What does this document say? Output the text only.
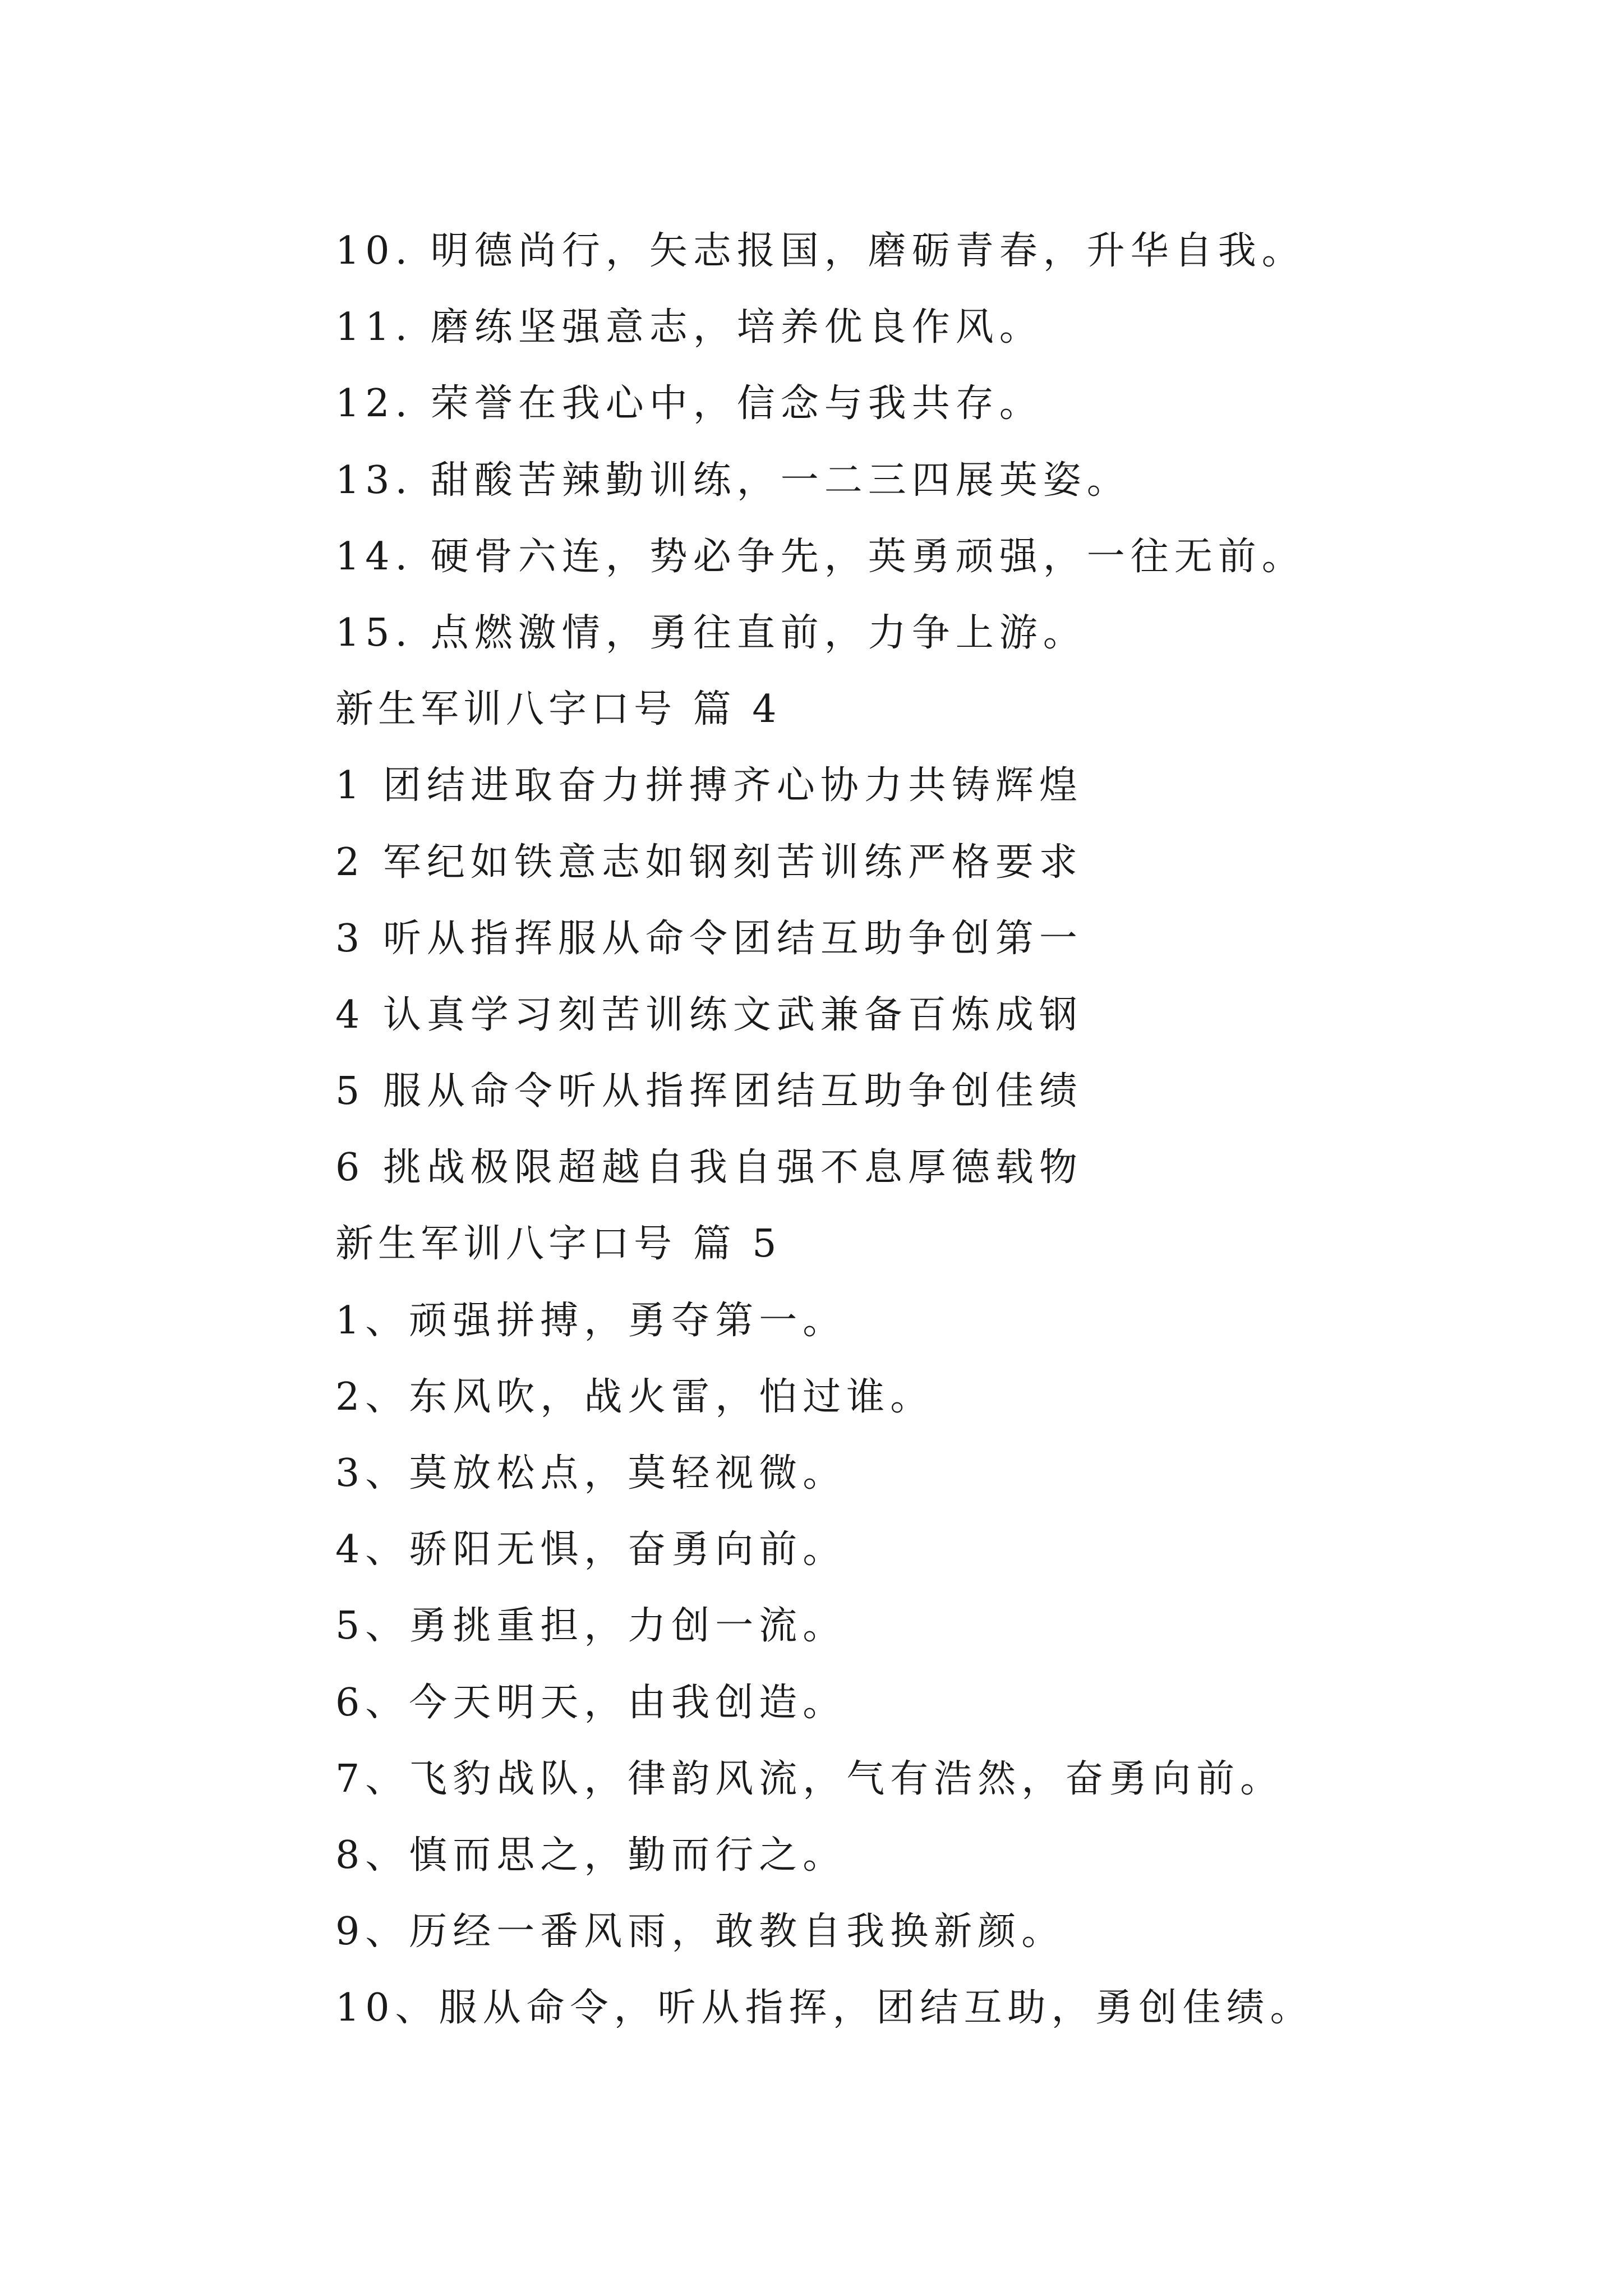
10. 明德尚行，矢志报国，磨砺青春，升华自我。
11. 磨练坚强意志，培养优良作风。
12. 荣誉在我心中，信念与我共存。
13. 甜酸苦辣勤训练，一二三四展英姿。
14. 硬骨六连，势必争先，英勇顽强，一往无前。
15. 点燃激情，勇往直前，力争上游。
新生军训八字口号 篇 4
1 团结进取奋力拼搏齐心协力共铸辉煌
2 军纪如铁意志如钢刻苦训练严格要求
3 听从指挥服从命令团结互助争创第一
4 认真学习刻苦训练文武兼备百炼成钢
5 服从命令听从指挥团结互助争创佳绩
6 挑战极限超越自我自强不息厚德载物
新生军训八字口号 篇 5
1、顽强拼搏，勇夺第一。
2、东风吹，战火雷，怕过谁。
3、莫放松点，莫轻视微。
4、骄阳无惧，奋勇向前。
5、勇挑重担，力创一流。
6、今天明天，由我创造。
7、飞豹战队，律韵风流，气有浩然，奋勇向前。
8、慎而思之，勤而行之。
9、历经一番风雨，敢教自我换新颜。
10、服从命令，听从指挥，团结互助，勇创佳绩。
